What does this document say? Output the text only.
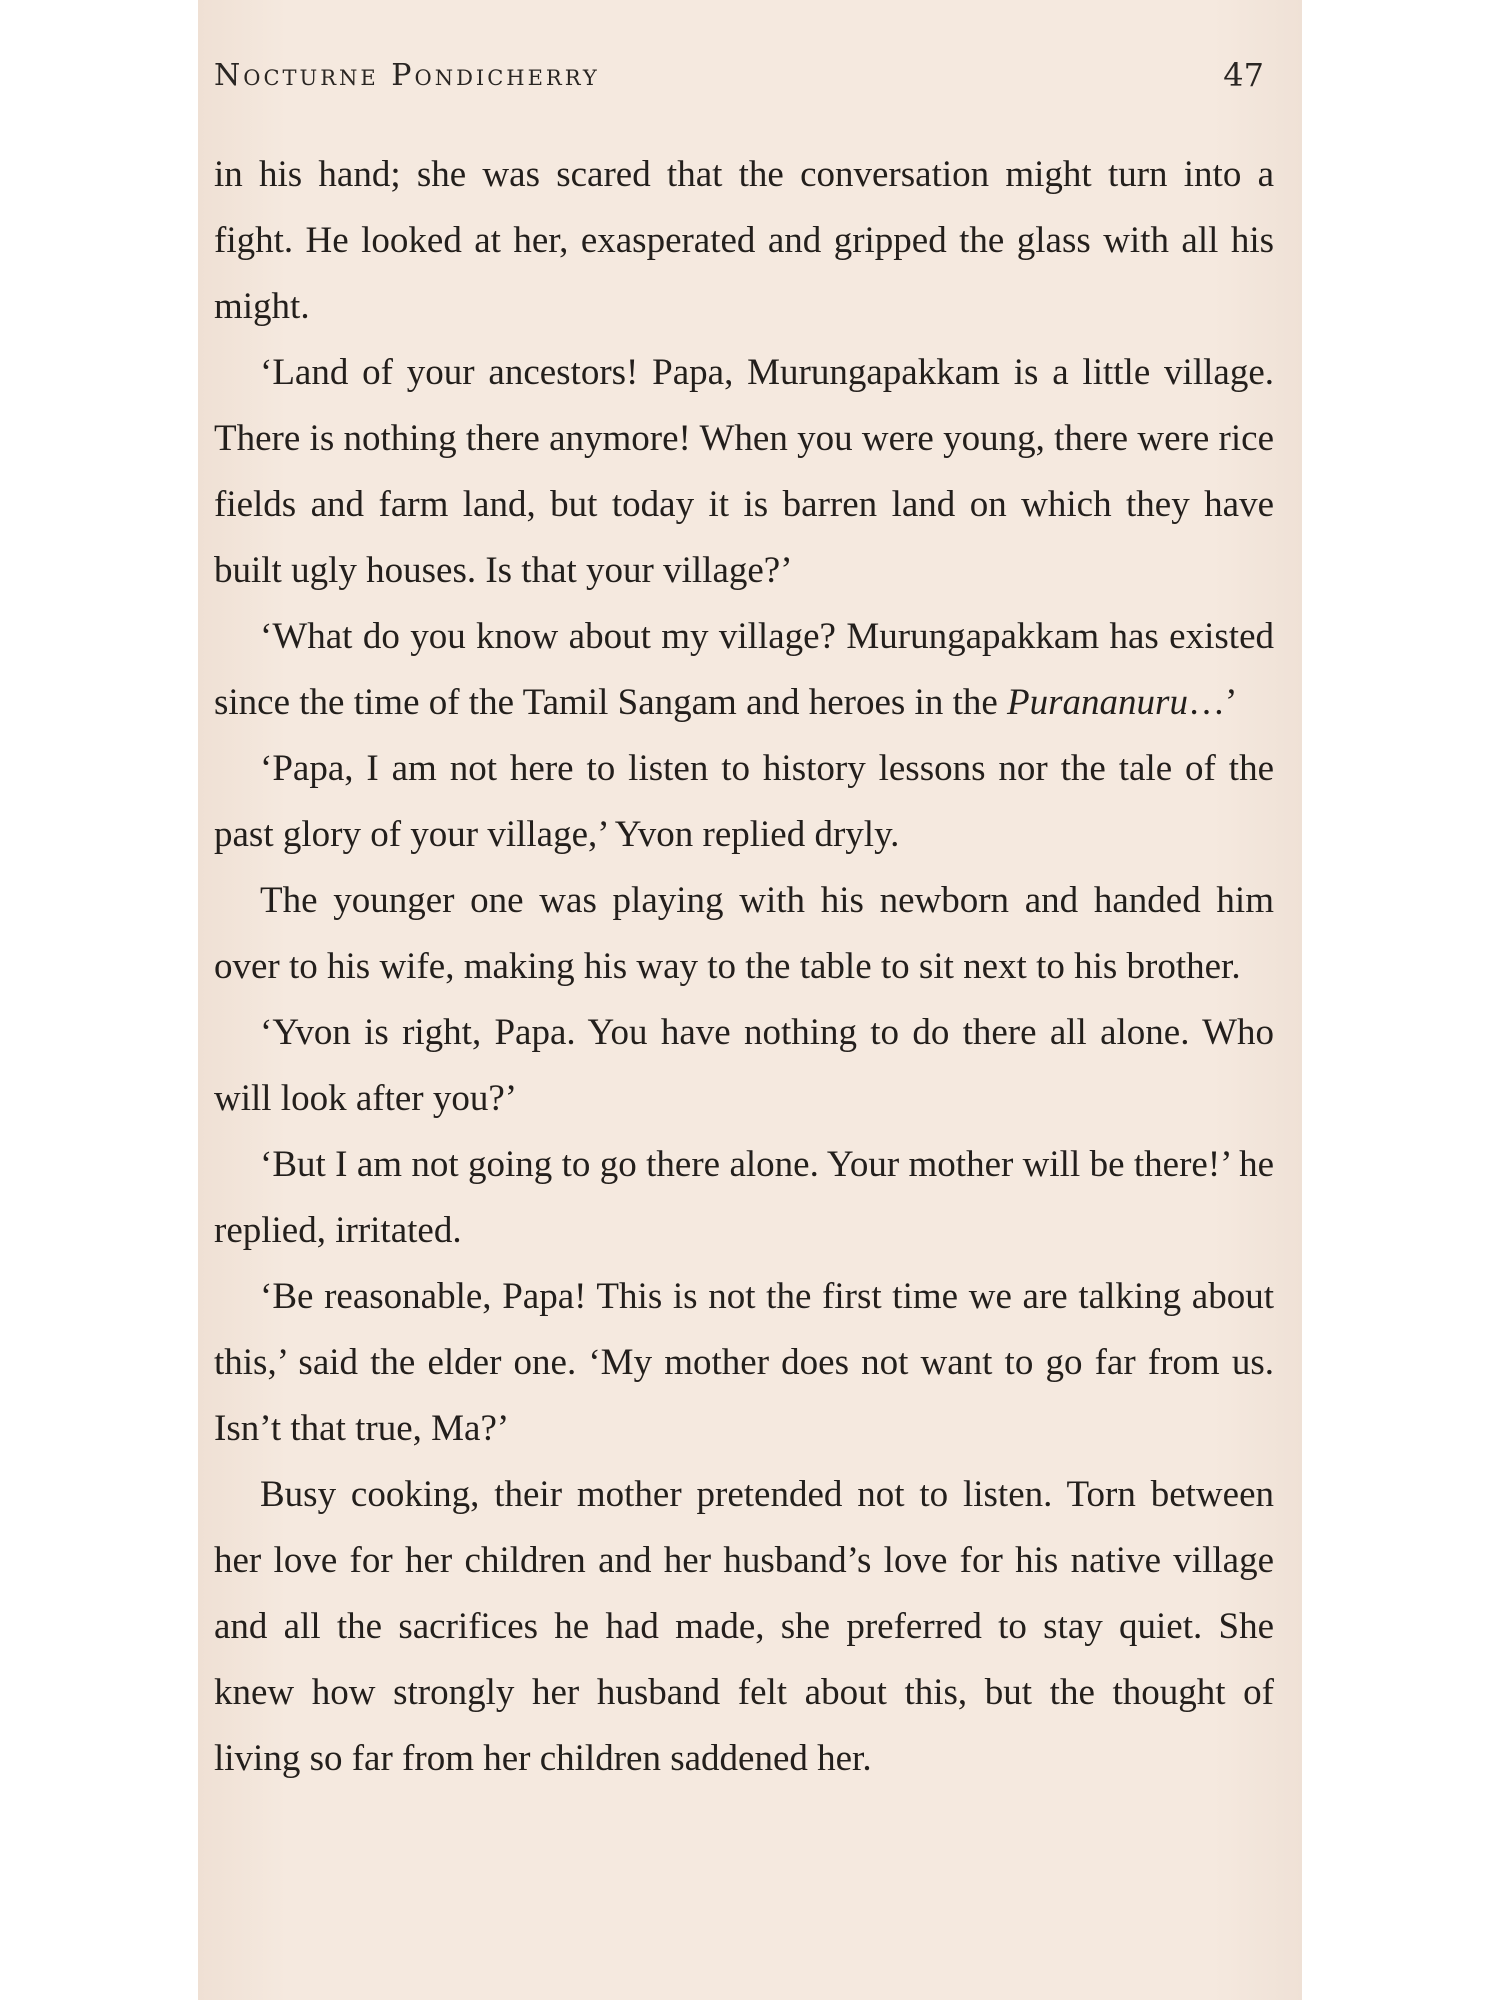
Nocturne Pondicherry	47

in his hand; she was scared that the conversation might turn into a fight. He looked at her, exasperated and gripped the glass with all his might.

‘Land of your ancestors! Papa, Murungapakkam is a little village. There is nothing there anymore! When you were young, there were rice fields and farm land, but today it is barren land on which they have built ugly houses. Is that your village?’

‘What do you know about my village? Murungapakkam has existed since the time of the Tamil Sangam and heroes in the Purananuru…’

‘Papa, I am not here to listen to history lessons nor the tale of the past glory of your village,’ Yvon replied dryly.

The younger one was playing with his newborn and handed him over to his wife, making his way to the table to sit next to his brother.

‘Yvon is right, Papa. You have nothing to do there all alone. Who will look after you?’

‘But I am not going to go there alone. Your mother will be there!’ he replied, irritated.

‘Be reasonable, Papa! This is not the first time we are talking about this,’ said the elder one. ‘My mother does not want to go far from us. Isn’t that true, Ma?’

Busy cooking, their mother pretended not to listen. Torn between her love for her children and her husband’s love for his native village and all the sacrifices he had made, she preferred to stay quiet. She knew how strongly her husband felt about this, but the thought of living so far from her children saddened her.
